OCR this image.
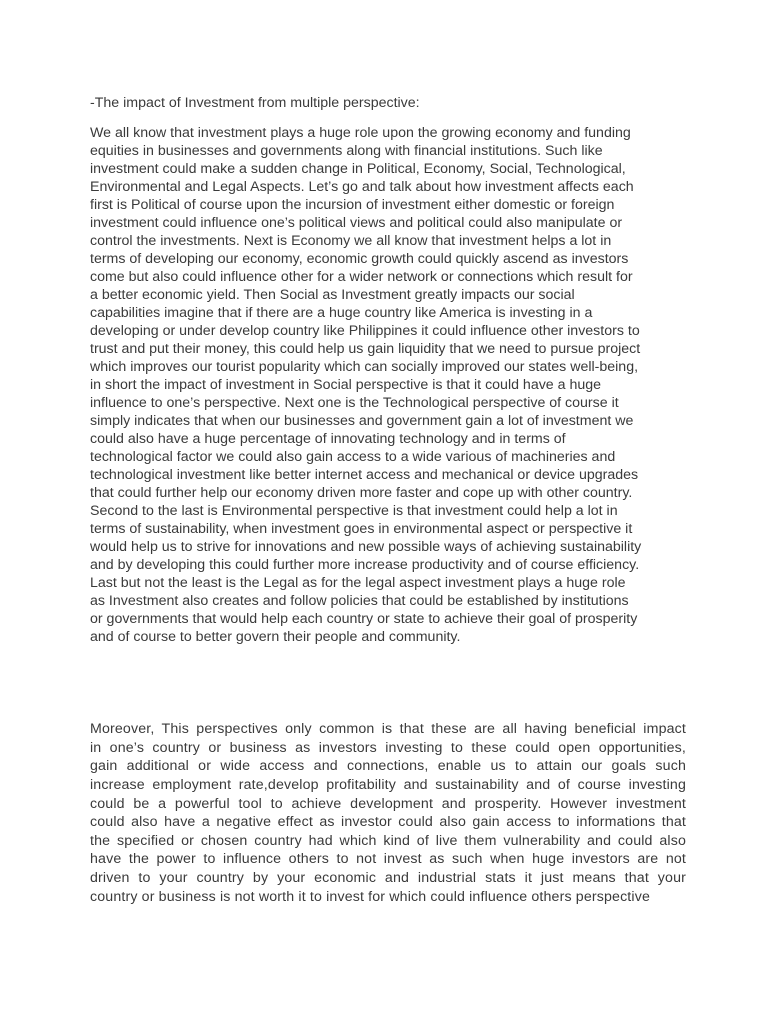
-The impact of Investment from multiple perspective:

We all know that investment plays a huge role upon the growing economy and funding
equities in businesses and governments along with financial institutions. Such like
investment could make a sudden change in Political, Economy, Social, Technological,
Environmental and Legal Aspects. Let’s go and talk about how investment affects each
first is Political of course upon the incursion of investment either domestic or foreign
investment could influence one’s political views and political could also manipulate or
control the investments. Next is Economy we all know that investment helps a lot in
terms of developing our economy, economic growth could quickly ascend as investors
come but also could influence other for a wider network or connections which result for
a better economic yield. Then Social as Investment greatly impacts our social
capabilities imagine that if there are a huge country like America is investing in a
developing or under develop country like Philippines it could influence other investors to
trust and put their money, this could help us gain liquidity that we need to pursue project
which improves our tourist popularity which can socially improved our states well-being,
in short the impact of investment in Social perspective is that it could have a huge
influence to one’s perspective. Next one is the Technological perspective of course it
simply indicates that when our businesses and government gain a lot of investment we
could also have a huge percentage of innovating technology and in terms of
technological factor we could also gain access to a wide various of machineries and
technological investment like better internet access and mechanical or device upgrades
that could further help our economy driven more faster and cope up with other country.
Second to the last is Environmental perspective is that investment could help a lot in
terms of sustainability, when investment goes in environmental aspect or perspective it
would help us to strive for innovations and new possible ways of achieving sustainability
and by developing this could further more increase productivity and of course efficiency.
Last but not the least is the Legal as for the legal aspect investment plays a huge role
as Investment also creates and follow policies that could be established by institutions
or governments that would help each country or state to achieve their goal of prosperity
and of course to better govern their people and community.
Moreover, This perspectives only common is that these are all having beneficial impact
in one’s country or business as investors investing to these could open opportunities,
gain additional or wide access and connections, enable us to attain our goals such
increase employment rate,develop profitability and sustainability and of course investing
could be a powerful tool to achieve development and prosperity. However investment
could also have a negative effect as investor could also gain access to informations that
the specified or chosen country had which kind of live them vulnerability and could also
have the power to influence others to not invest as such when huge investors are not
driven to your country by your economic and industrial stats it just means that your
country or business is not worth it to invest for which could influence others perspective
